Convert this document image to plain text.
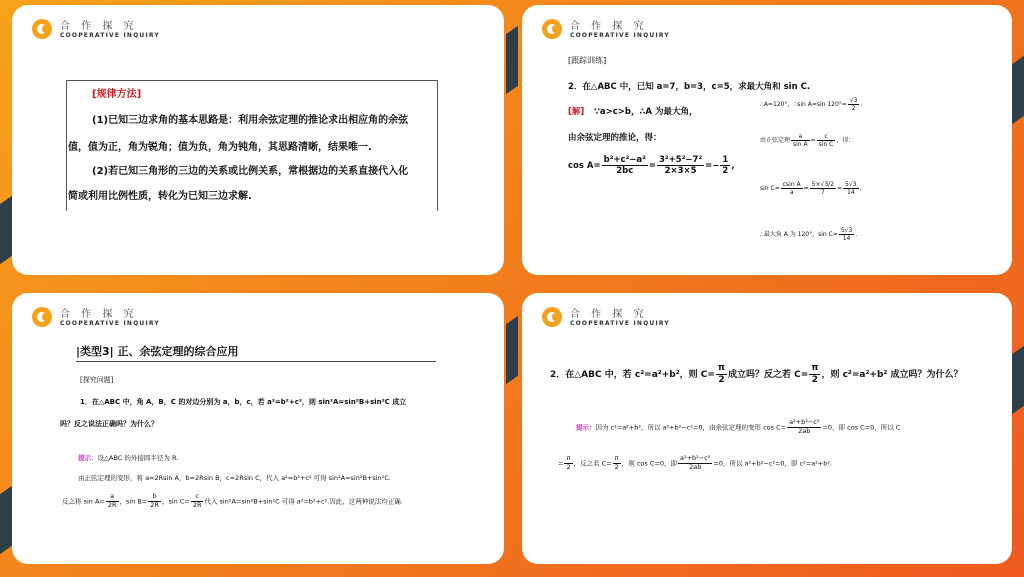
合 作 探 究
COOPERATIVE INQUIRY
[规律方法]
(1)已知三边求角的基本思路是：利用余弦定理的推论求出相应角的余弦
值，值为正，角为锐角；值为负，角为钝角，其思路清晰，结果唯一.
(2)若已知三角形的三边的关系或比例关系，常根据边的关系直接代入化
简或利用比例性质，转化为已知三边求解.
合 作 探 究
COOPERATIVE INQUIRY
[跟踪训练]
2．在△ABC 中，已知 a=7，b=3，c=5，求最大角和 sin C.
[解] ∵a>c>b，∴A 为最大角，
由余弦定理的推论，得：
$\cos A= \frac{\text{b²+c²−a²}}{2bc} = \frac{\text{3²+5²−7²}}{2\times 3\times 5} =- \frac{1}{2}$ ,
∴A=120°，∴sin A=sin $120^\circ= \frac{√3}{2}$ .
由正弦定理 $\frac{a}{\text{sin A}} = \frac{c}{\text{sin C}}$ ，得：
$\sin C= \frac{\text{csin A}}{a} = \frac{5\times√3/2}{7} = \frac{5√3}{14}$ ,
∴最大角 A 为 120°，$\sin C= \frac{5√3}{14}$ .
合 作 探 究
COOPERATIVE INQUIRY
|类型3| 正、余弦定理的综合应用
[探究问题]
1．在△ABC 中，角 A，B，C 的对边分别为 a，b，c，若 a²=b²+c²，则 sin²A=sin²B+sin²C 成立
吗？反之说法正确吗？为什么？
提示：设△ABC 的外接圆半径为 R.
由正弦定理的变形，将 a=2Rsin A，b=2Rsin B，c=2Rsin C，代入 a²=b²+c² 可得 sin²A=sin²B+sin²C.
反之将 $\sin A= \frac{a}{2R}$ ，$\sin B= \frac{b}{2R}$ ，$\sin C= \frac{c}{2R}$ 代入 sin²A=sin²B+sin²C 可得 a²=b²+c².因此，这两种说法均正确.
合 作 探 究
COOPERATIVE INQUIRY
2．在△ABC 中，若 c²=a²+b²，则 $C= \frac{\pi}{2}$ 成立吗？反之若 $C= \frac{\pi}{2}$ ，则 c²=a²+b² 成立吗？为什么？
提示：因为 c²=a²+b²，所以 a²+b²−c²=0，由余弦定理的变形 $\cos C= \frac{\text{a²+b²−c²}}{2ab} =0$，即 cos C=0，所以 C
= $\frac{\pi}{2}$ ，反之若 $C= \frac{\pi}{2}$ ，则 cos C=0，即 $\frac{\text{a²+b²−c²}}{2ab} =0$，所以 a²+b²−c²=0，即 c²=a²+b².
